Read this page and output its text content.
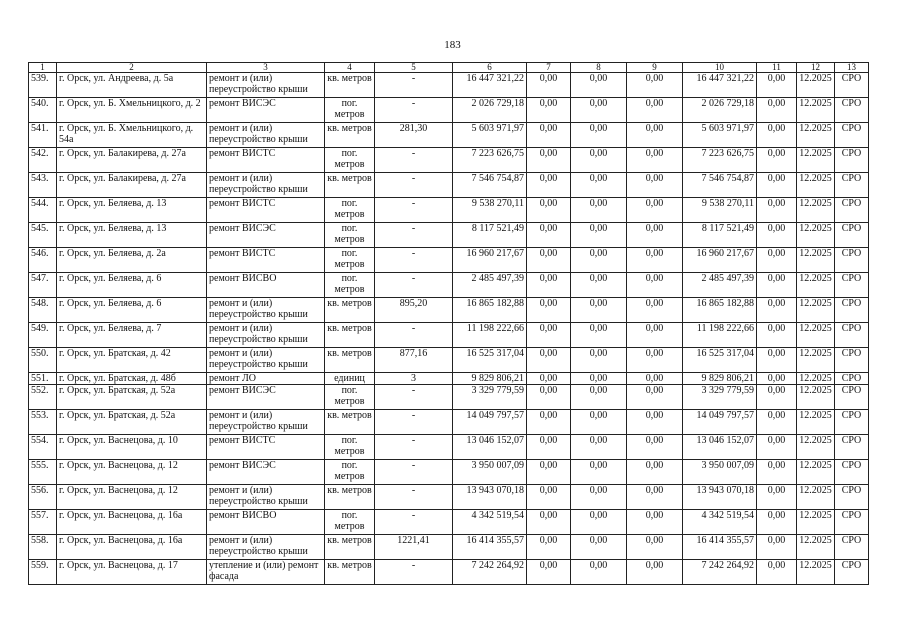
183
1	2	3	4	5	6	7	8	9	10	11	12	13
539.	г. Орск, ул. Андреева, д. 5а	ремонт и (или) переустройство крыши	кв. метров	-	16 447 321,22	0,00	0,00	0,00	16 447 321,22	0,00	12.2025	СРО
540.	г. Орск, ул. Б. Хмельницкого, д. 2	ремонт ВИСЭС	пог. метров	-	2 026 729,18	0,00	0,00	0,00	2 026 729,18	0,00	12.2025	СРО
541.	г. Орск, ул. Б. Хмельницкого, д. 54а	ремонт и (или) переустройство крыши	кв. метров	281,30	5 603 971,97	0,00	0,00	0,00	5 603 971,97	0,00	12.2025	СРО
542.	г. Орск, ул. Балакирева, д. 27а	ремонт ВИСТС	пог. метров	-	7 223 626,75	0,00	0,00	0,00	7 223 626,75	0,00	12.2025	СРО
543.	г. Орск, ул. Балакирева, д. 27а	ремонт и (или) переустройство крыши	кв. метров	-	7 546 754,87	0,00	0,00	0,00	7 546 754,87	0,00	12.2025	СРО
544.	г. Орск, ул. Беляева, д. 13	ремонт ВИСТС	пог. метров	-	9 538 270,11	0,00	0,00	0,00	9 538 270,11	0,00	12.2025	СРО
545.	г. Орск, ул. Беляева, д. 13	ремонт ВИСЭС	пог. метров	-	8 117 521,49	0,00	0,00	0,00	8 117 521,49	0,00	12.2025	СРО
546.	г. Орск, ул. Беляева, д. 2а	ремонт ВИСТС	пог. метров	-	16 960 217,67	0,00	0,00	0,00	16 960 217,67	0,00	12.2025	СРО
547.	г. Орск, ул. Беляева, д. 6	ремонт ВИСВО	пог. метров	-	2 485 497,39	0,00	0,00	0,00	2 485 497,39	0,00	12.2025	СРО
548.	г. Орск, ул. Беляева, д. 6	ремонт и (или) переустройство крыши	кв. метров	895,20	16 865 182,88	0,00	0,00	0,00	16 865 182,88	0,00	12.2025	СРО
549.	г. Орск, ул. Беляева, д. 7	ремонт и (или) переустройство крыши	кв. метров	-	11 198 222,66	0,00	0,00	0,00	11 198 222,66	0,00	12.2025	СРО
550.	г. Орск, ул. Братская, д. 42	ремонт и (или) переустройство крыши	кв. метров	877,16	16 525 317,04	0,00	0,00	0,00	16 525 317,04	0,00	12.2025	СРО
551.	г. Орск, ул. Братская, д. 48б	ремонт ЛО	единиц	3	9 829 806,21	0,00	0,00	0,00	9 829 806,21	0,00	12.2025	СРО
552.	г. Орск, ул. Братская, д. 52а	ремонт ВИСЭС	пог. метров	-	3 329 779,59	0,00	0,00	0,00	3 329 779,59	0,00	12.2025	СРО
553.	г. Орск, ул. Братская, д. 52а	ремонт и (или) переустройство крыши	кв. метров	-	14 049 797,57	0,00	0,00	0,00	14 049 797,57	0,00	12.2025	СРО
554.	г. Орск, ул. Васнецова, д. 10	ремонт ВИСТС	пог. метров	-	13 046 152,07	0,00	0,00	0,00	13 046 152,07	0,00	12.2025	СРО
555.	г. Орск, ул. Васнецова, д. 12	ремонт ВИСЭС	пог. метров	-	3 950 007,09	0,00	0,00	0,00	3 950 007,09	0,00	12.2025	СРО
556.	г. Орск, ул. Васнецова, д. 12	ремонт и (или) переустройство крыши	кв. метров	-	13 943 070,18	0,00	0,00	0,00	13 943 070,18	0,00	12.2025	СРО
557.	г. Орск, ул. Васнецова, д. 16а	ремонт ВИСВО	пог. метров	-	4 342 519,54	0,00	0,00	0,00	4 342 519,54	0,00	12.2025	СРО
558.	г. Орск, ул. Васнецова, д. 16а	ремонт и (или) переустройство крыши	кв. метров	1221,41	16 414 355,57	0,00	0,00	0,00	16 414 355,57	0,00	12.2025	СРО
559.	г. Орск, ул. Васнецова, д. 17	утепление и (или) ремонт фасада	кв. метров	-	7 242 264,92	0,00	0,00	0,00	7 242 264,92	0,00	12.2025	СРО
